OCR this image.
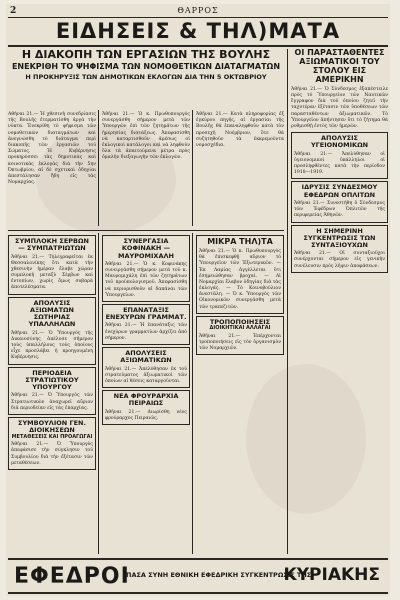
2	ΘΑΡΡΟΣ
ΕΙΔΗΣΕΙΣ & ΤΗΛ)ΜΑΤΑ

Η ΔΙΑΚΟΠΗ ΤΩΝ ΕΡΓΑΣΙΩΝ ΤΗΣ ΒΟΥΛΗΣ

ΕΝΕΚΡΙΘΗ ΤΟ ΨΗΦΙΣΜΑ ΤΩΝ ΝΟΜΟΘΕΤΙΚΩΝ ΔΙΑΤΑΓΜΑΤΩΝ

Η ΠΡΟΚΗΡΥΞΙΣ ΤΩΝ ΔΗΜΟΤΙΚΩΝ ΕΚΛΟΓΩΝ ΔΙΑ ΤΗΝ 5 ΟΚΤΩΒΡΙΟΥ

Αθήναι 21.— Ἡ χθεσινὴ συνεδρίασις τῆς Βουλῆς ἐτερματίσθη ἀργὰ τὴν νύκτα. Ἐνεκρίθη τὸ ψήφισμα τῶν νομοθετικῶν διαταγμάτων καὶ ἀνεγνώσθη τὸ διάταγμα περὶ διακοπῆς τῶν ἐργασιῶν τοῦ Σώματος. Ἡ Κυβέρνησις προκηρύσσει τὰς δημοτικὰς καὶ κοινοτικὰς ἐκλογὰς διὰ τὴν 5ην Ὀκτωβρίου, αἱ δὲ σχετικαὶ ὁδηγίαι ἀπεστάλησαν ἤδη εἰς τὰς Νομαρχίας.

Ἀθῆναι 21.— Ὁ κ. Πρωθυπουργὸς συνεργάσθη σήμερον μετὰ τῶν Ὑπουργῶν ἐπὶ τῶν ζητημάτων τῆς ἡμερησίας διατάξεως. Ἀπεφασίσθη νὰ καταρτισθοῦν ἀμέσως οἱ ἐκλογικοὶ κατάλογοι καὶ νὰ ληφθοῦν ὅλα τὰ ἀπαιτούμενα μέτρα πρὸς ὁμαλὴν διεξαγωγὴν τῶν ἐκλογῶν.

Ἀθῆναι 21.— Κατὰ πληροφορίας ἐξ ἐγκύρου πηγῆς, αἱ ἐργασίαι τῆς Βουλῆς θὰ ἐπαναληφθοῦν κατὰ τὸν προσεχῆ Νοέμβριον, ὅτε θὰ συζητηθοῦν τὰ ἐκκρεμοῦντα νομοσχέδια.

ΟΙ ΠΑΡΑΣΤΑΘΕΝΤΕΣ ΑΞΙΩΜΑΤΙΚΟΙ ΤΟΥ ΣΤΟΛΟΥ ΕΙΣ ΑΜΕΡΙΚΗΝ

Ἀθῆναι 21.— Ὁ Σύνδεσμος ἐξαπέστειλε πρὸς τὸ Ὑπουργεῖον τῶν Ναυτικῶν ἔγγραφον διὰ τοῦ ὁποίου ζητεῖ τὴν ταχυτέραν ἐξέτασιν τῶν ὑποθέσεων τῶν παρασταθέντων ἀξιωματικῶν. Τὸ Ὑπουργεῖον ἀπήντησεν ὅτι τὸ ζήτημα θὰ ρυθμισθῇ ἐντὸς τῶν ἡμερῶν.

ΑΠΟΛΥΣΙΣ ΥΓΕΙΟΝΟΜΙΚΩΝ

Ἀθῆναι 21.— Ἀπελύθησαν οἱ ὑγειονομικοὶ ὑπάλληλοι οἱ προσληφθέντες κατὰ τὴν περίοδον 1918—1919.

ΙΔΡΥΣΙΣ ΣΥΝΔΕΣΜΟΥ ΕΦΕΔΡΩΝ ΟΠΛΙΤΩΝ

Ἀθῆναι 21.— Συνεστήθη ὁ Σύνδεσμος τῶν Ἐφέδρων Ὁπλιτῶν τῆς περιφερείας Ἀθηνῶν.

Η ΣΗΜΕΡΙΝΗ ΣΥΓΚΕΝΤΡΩΣΙΣ ΤΩΝ ΣΥΝΤΑΞΙΟΥΧΩΝ

Ἀθῆναι 21.— Οἱ συνταξιοῦχοι συνέρχονται σήμερον εἰς γενικὴν συνέλευσιν πρὸς λῆψιν ἀποφάσεων.

ΣΥΜΠΛΟΚΗ ΣΕΡΒΩΝ — ΣΥΜΠΑΤΡΙΩΤΩΝ

Ἀθῆναι 21.— Τηλεγραφεῖται ἐκ Θεσσαλονίκης ὅτι κατὰ τὴν χθεσινὴν ἡμέραν ἔλαβε χώραν συμπλοκὴ μεταξὺ Σέρβων καὶ ἐντοπίων, χωρὶς ὅμως σοβαρὰ ἀποτελέσματα.

ΑΠΟΛΥΣΙΣ ΑΞΙΩΜΑΤΩΝ ΣΩΤΗΡΙΑΣ ΥΠΑΛΛΗΛΩΝ

Ἀθῆναι 21.— Ὁ Ὑπουργὸς τῆς Δικαιοσύνης ἀπέλυσε σήμερον τοὺς ὑπαλλήλους τοὺς ὁποίους εἶχε προσλάβει ἡ προηγουμένη Κυβέρνησις.

ΠΕΡΙΟΔΕΙΑ ΣΤΡΑΤΙΩΤΙΚΟΥ ΥΠΟΥΡΓΟΥ

Ἀθῆναι 21.— Ὁ Ὑπουργὸς τῶν Στρατιωτικῶν ἀναχωρεῖ αὔριον διὰ περιοδείαν εἰς τὰς ἐπαρχίας.

ΣΥΜΒΟΥΛΙΟΝ ΓΕΝ. ΔΙΟΙΚΗΣΕΩΝ

ΜΕΤΑΘΕΣΕΙΣ ΚΑΙ ΠΡΟΑΓΩΓΑΙ

Ἀθῆναι 21.— Ὁ Ὑπουργὸς ἀπεφάσισε τὴν σύγκλησιν τοῦ Συμβουλίου διὰ τὴν ἐξέτασιν τῶν μεταθέσεων.

ΣΥΝΕΡΓΑΣΙΑ ΚΟΦΙΝΑΚΗ — ΜΑΥΡΟΜΙΧΑΛΗ

Ἀθῆναι 21.— Ὁ κ. Κοφινάκης συνειργάσθη σήμερον μετὰ τοῦ κ. Μαυρομιχάλη ἐπὶ τῶν ζητημάτων τοῦ προϋπολογισμοῦ. Ἀπεφασίσθη νὰ περιορισθοῦν αἱ δαπάναι τῶν Ὑπουργείων.

ΕΠΑΝΑΤΑΞΙΣ ΕΝΕΧΥΡΩΝ ΓΡΑΜΜΑΤ.

Ἀθῆναι 21.— Ἡ ἐπανάταξις τῶν ἐνεχύρων γραμματίων ἀρχίζει ἀπὸ σήμερον.

ΑΠΟΛΥΣΕΙΣ ΑΞΙΩΜΑΤΙΚΩΝ

Ἀθῆναι 21.— Ἀπελύθησαν ἐκ τοῦ στρατεύματος ἀξιωματικοὶ τῶν ὁποίων αἱ θέσεις καταργοῦνται.

ΝΕΑ ΦΡΟΥΡΑΡΧΙΑ ΠΕΙΡΑΙΩΣ

Ἀθῆναι 21.— Διωρίσθη νέος φρούραρχος Πειραιῶς.

ΜΙΚΡΑ ΤΗΛ)ΤΑ

Ἀθῆναι 21.— Ὁ κ. Πρωθυπουργὸς θὰ ἐπισκεφθῇ αὔριον τὸ Ὑπουργεῖον τῶν Ἐξωτερικῶν. — Ἐκ Λαμίας ἀγγέλλεται ὅτι ἐσημειώθησαν βροχαί. — Αἱ Νομαρχίαι ἔλαβον ὁδηγίας διὰ τὰς ἐκλογάς. — Τὸ Κοινοβούλιον ἀνεστάλη. — Ὁ κ. Ὑπουργὸς τῶν Οἰκονομικῶν συνεργάσθη μετὰ τῶν τραπεζιτῶν.

ΤΡΟΠΟΠΟΙΗΣΕΙΣ

ΔΙΟΙΚΗΤΙΚΑΙ ΑΛΛΑΓΑΙ

Ἀθῆναι 21.— Ἐπέρχονται τροποποιήσεις εἰς τὸν ὀργανισμὸν τῶν Νομαρχιῶν.

ΕΦΕΔΡΟΙ
ΠΑΣΑ ΣΥΝΗ ΕΘΝΙΚΗ ΕΦΕΔΡΙΚΗ ΣΥΓΚΕΝΤΡΩΣΙΣ ΤΗΣ
ΚΥΡΙΑΚΗΣ
